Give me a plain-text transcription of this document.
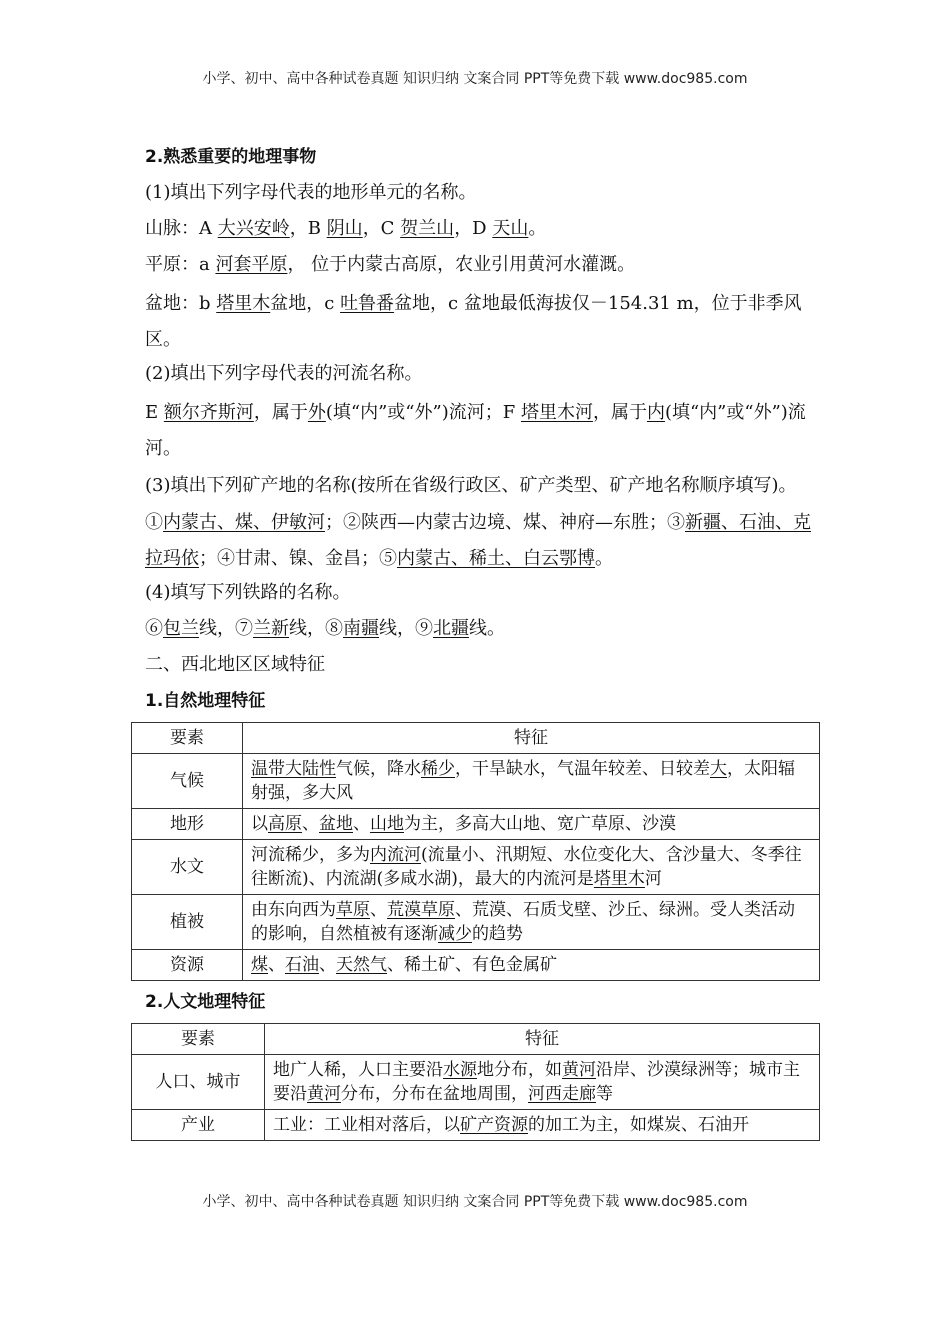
小学、初中、高中各种试卷真题 知识归纳 文案合同 PPT等免费下载 www.doc985.com
2.熟悉重要的地理事物
(1)填出下列字母代表的地形单元的名称。
山脉：A 大兴安岭，B 阴山，C 贺兰山，D 天山。
平原：a 河套平原， 位于内蒙古高原，农业引用黄河水灌溉。
盆地：b 塔里木盆地，c 吐鲁番盆地，c 盆地最低海拔仅－154.31 m，位于非季风区。
(2)填出下列字母代表的河流名称。
E 额尔齐斯河，属于外(填“内”或“外”)流河；F 塔里木河，属于内(填“内”或“外”)流河。
(3)填出下列矿产地的名称(按所在省级行政区、矿产类型、矿产地名称顺序填写)。
①内蒙古、煤、伊敏河；②陕西—内蒙古边境、煤、神府—东胜；③新疆、石油、克拉玛依；④甘肃、镍、金昌；⑤内蒙古、稀土、白云鄂博。
(4)填写下列铁路的名称。
⑥包兰线，⑦兰新线，⑧南疆线，⑨北疆线。
二、西北地区区域特征
1.自然地理特征
要素	特征
气候	温带大陆性气候，降水稀少，干旱缺水，气温年较差、日较差大，太阳辐射强，多大风
地形	以高原、盆地、山地为主，多高大山地、宽广草原、沙漠
水文	河流稀少，多为内流河(流量小、汛期短、水位变化大、含沙量大、冬季往往断流)、内流湖(多咸水湖)，最大的内流河是塔里木河
植被	由东向西为草原、荒漠草原、荒漠、石质戈壁、沙丘、绿洲。受人类活动的影响，自然植被有逐渐减少的趋势
资源	煤、石油、天然气、稀土矿、有色金属矿
2.人文地理特征
要素	特征
人口、城市	地广人稀，人口主要沿水源地分布，如黄河沿岸、沙漠绿洲等；城市主要沿黄河分布，分布在盆地周围，河西走廊等
产业	工业：工业相对落后，以矿产资源的加工为主，如煤炭、石油开
小学、初中、高中各种试卷真题 知识归纳 文案合同 PPT等免费下载 www.doc985.com
